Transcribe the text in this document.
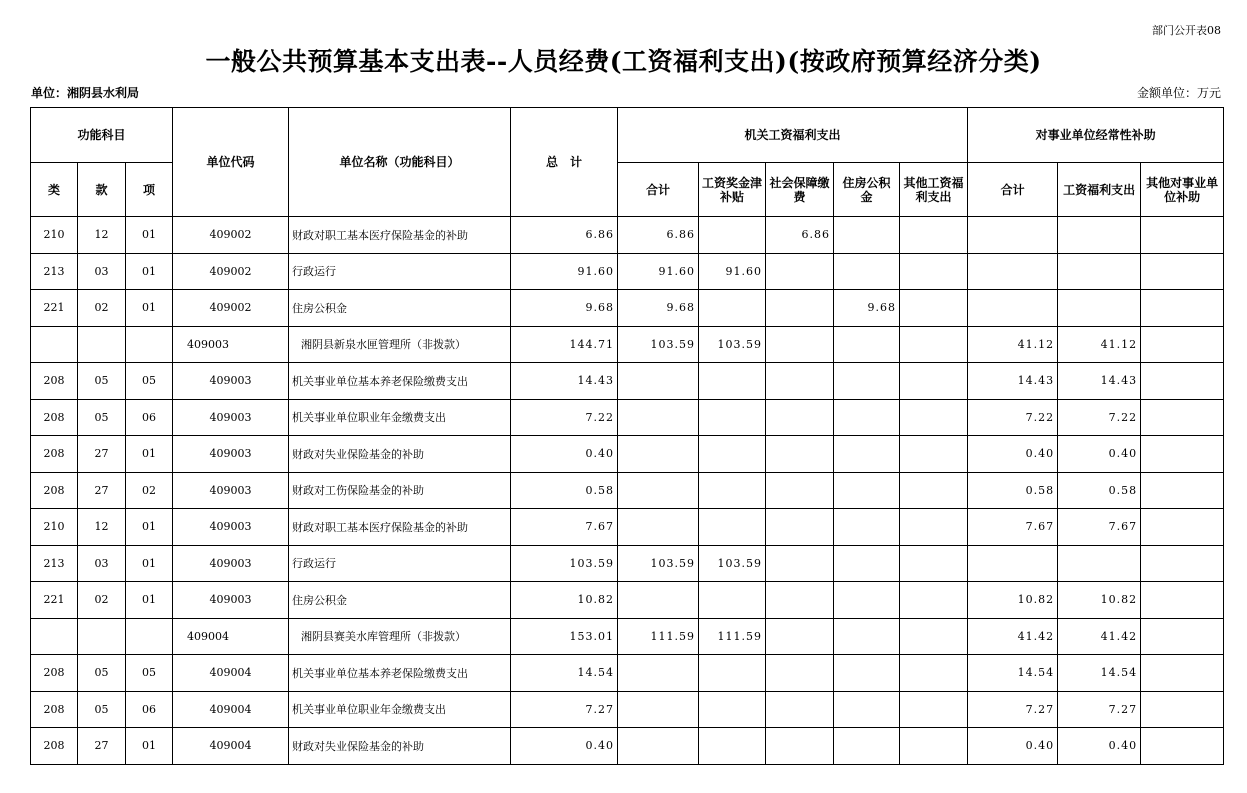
部门公开表08
一般公共预算基本支出表--人员经费(工资福利支出)(按政府预算经济分类)
单位：湘阴县水利局	金额单位：万元
功能科目			单位代码	单位名称（功能科目）	总　计	机关工资福利支出					对事业单位经常性补助		
类	款	项				合计	工资奖金津补贴	社会保障缴费	住房公积金	其他工资福利支出	合计	工资福利支出	其他对事业单位补助
210	12	01	409002	财政对职工基本医疗保险基金的补助	6.86	6.86		6.86					
213	03	01	409002	行政运行	91.60	91.60	91.60						
221	02	01	409002	住房公积金	9.68	9.68			9.68				
			409003	湘阴县新泉水匣管理所（非拨款）	144.71	103.59	103.59				41.12	41.12	
208	05	05	409003	机关事业单位基本养老保险缴费支出	14.43						14.43	14.43	
208	05	06	409003	机关事业单位职业年金缴费支出	7.22						7.22	7.22	
208	27	01	409003	财政对失业保险基金的补助	0.40						0.40	0.40	
208	27	02	409003	财政对工伤保险基金的补助	0.58						0.58	0.58	
210	12	01	409003	财政对职工基本医疗保险基金的补助	7.67						7.67	7.67	
213	03	01	409003	行政运行	103.59	103.59	103.59						
221	02	01	409003	住房公积金	10.82						10.82	10.82	
			409004	湘阴县赛美水库管理所（非拨款）	153.01	111.59	111.59				41.42	41.42	
208	05	05	409004	机关事业单位基本养老保险缴费支出	14.54						14.54	14.54	
208	05	06	409004	机关事业单位职业年金缴费支出	7.27						7.27	7.27	
208	27	01	409004	财政对失业保险基金的补助	0.40						0.40	0.40	
